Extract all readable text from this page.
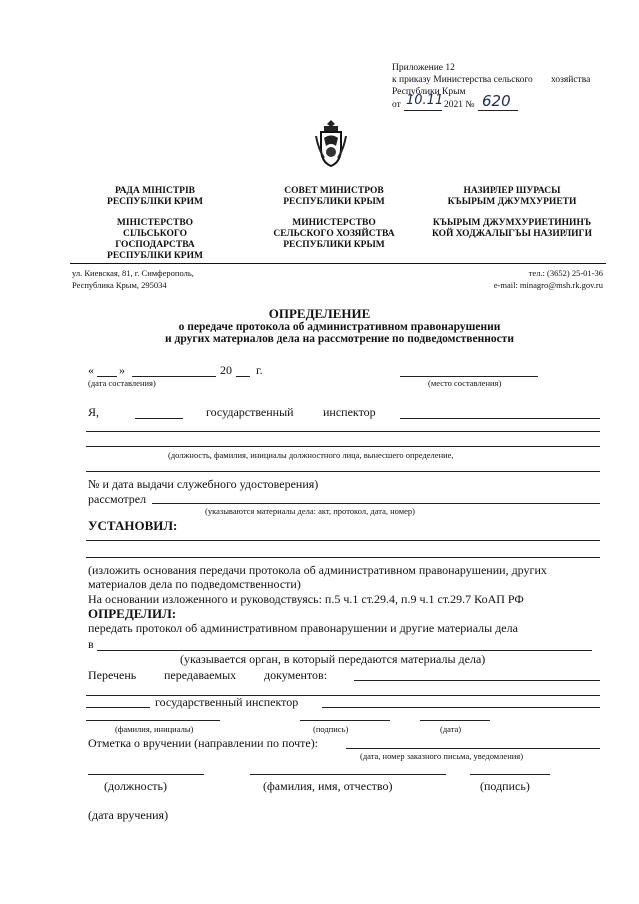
Приложение 12
к приказу Министерства сельского хозяйства
Республики Крым
от 10.11 2021 № 620
РАДА МІНІСТРІВ
РЕСПУБЛІКИ КРИМ
МІНІСТЕРСТВО
СІЛЬСЬКОГО
ГОСПОДАРСТВА
РЕСПУБЛІКИ КРИМ
СОВЕТ МИНИСТРОВ
РЕСПУБЛИКИ КРЫМ
МИНИСТЕРСТВО
СЕЛЬСКОГО ХОЗЯЙСТВА
РЕСПУБЛИКИ КРЫМ
НАЗИРЛЕР ШУРАСЫ
КЪЫРЫМ ДЖУМХУРИЕТИ
КЪЫРЫМ ДЖУМХУРИЕТИНИНЪ
КОЙ ХОДЖАЛЫГЪЫ НАЗИРЛИГИ
ул. Киевская, 81, г. Симферополь,
Республика Крым, 295034
тел.: (3652) 25-01-36
e-mail: minagro@msh.rk.gov.ru
ОПРЕДЕЛЕНИЕ
о передаче протокола об административном правонарушении
и других материалов дела на рассмотрение по подведомственности
« »	20 г.
(дата составления)	(место составления)
Я,	государственный инспектор
(должность, фамилия, инициалы должностного лица, вынесшего определение,
№ и дата выдачи служебного удостоверения)
рассмотрел
(указываются материалы дела: акт, протокол, дата, номер)
УСТАНОВИЛ:
(изложить основания передачи протокола об административном правонарушении, других
материалов дела по подведомственности)
На основании изложенного и руководствуясь: п.5 ч.1 ст.29.4, п.9 ч.1 ст.29.7 КоАП РФ
ОПРЕДЕЛИЛ:
передать протокол об административном правонарушении и другие материалы дела
в
(указывается орган, в который передаются материалы дела)
Перечень передаваемых документов:
государственный инспектор
(фамилия, инициалы)	(подпись)	(дата)
Отметка о вручении (направлении по почте):
(дата, номер заказного письма, уведомления)
(должность)	(фамилия, имя, отчество)	(подпись)
(дата вручения)
